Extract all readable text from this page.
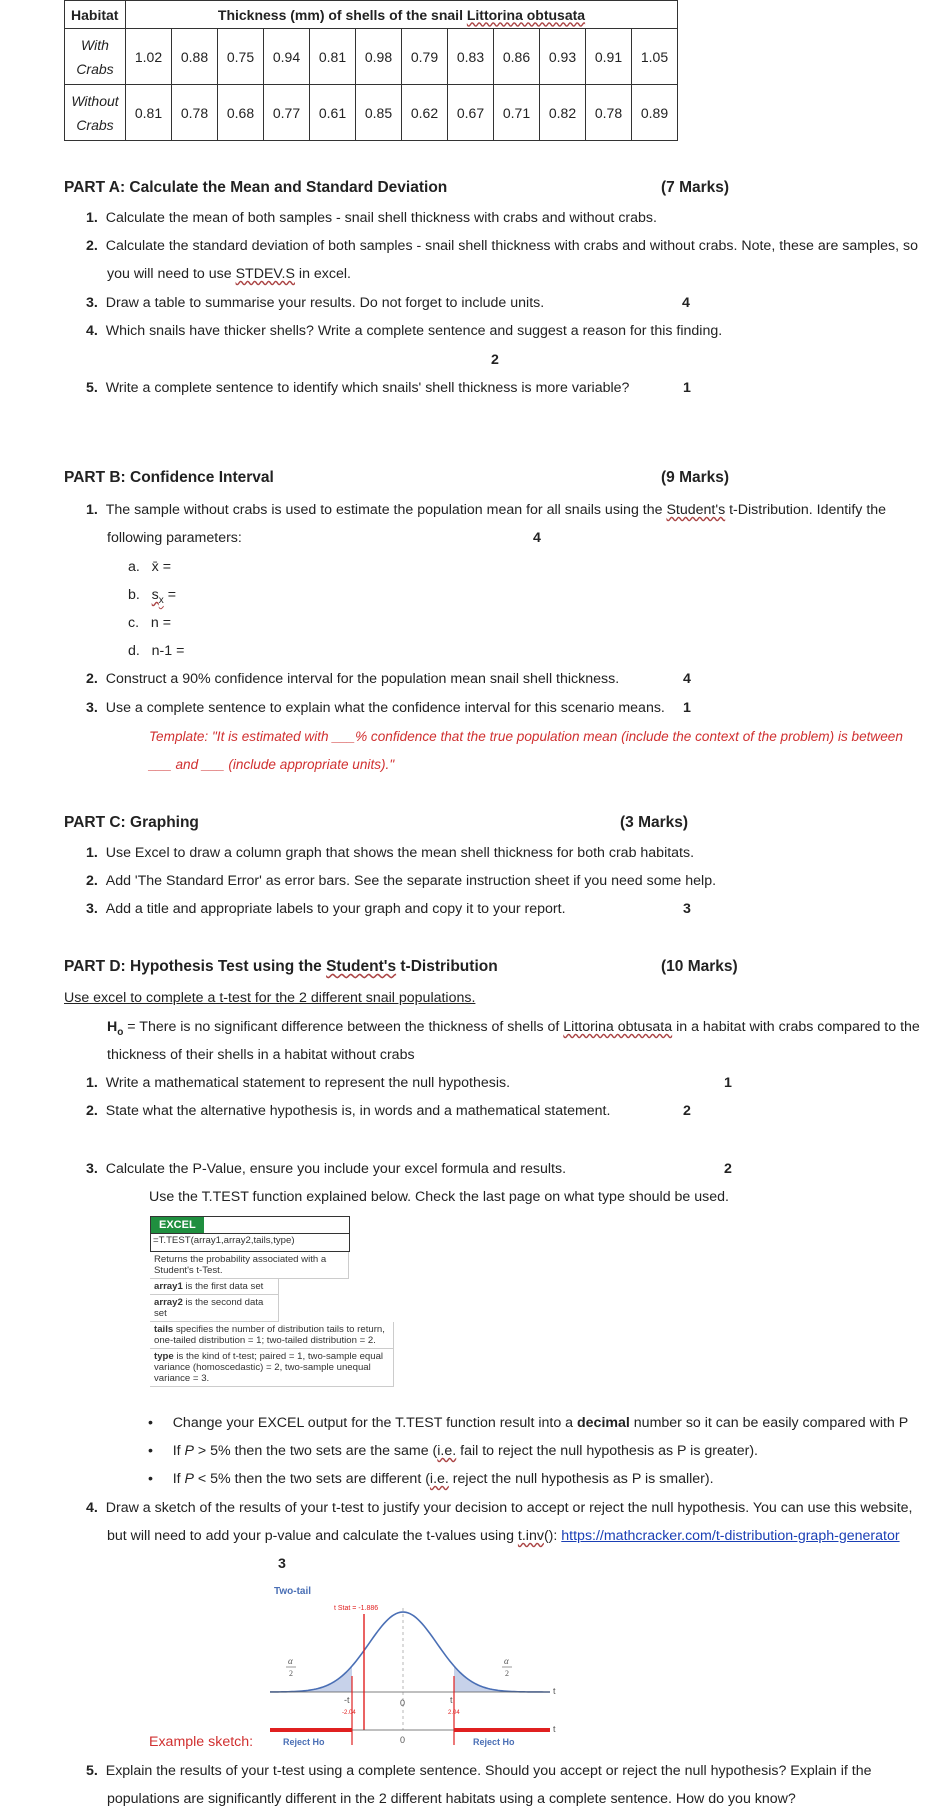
Habitat	Thickness (mm) of shells of the snail Littorina obtusata											
With
Crabs	1.02	0.88	0.75	0.94	0.81	0.98	0.79	0.83	0.86	0.93	0.91	1.05
Without
Crabs	0.81	0.78	0.68	0.77	0.61	0.85	0.62	0.67	0.71	0.82	0.78	0.89
PART A: Calculate the Mean and Standard Deviation	(7 Marks)
1. Calculate the mean of both samples - snail shell thickness with crabs and without crabs.
2. Calculate the standard deviation of both samples - snail shell thickness with crabs and without crabs. Note, these are samples, so
you will need to use STDEV.S in excel.
3. Draw a table to summarise your results. Do not forget to include units.	4
4. Which snails have thicker shells? Write a complete sentence and suggest a reason for this finding.
2
5. Write a complete sentence to identify which snails' shell thickness is more variable?	1
PART B: Confidence Interval	(9 Marks)
1. The sample without crabs is used to estimate the population mean for all snails using the Student's t-Distribution. Identify the
following parameters:	4
a.   x̄ =
b.   $s_x$ =
c.   n =
d.   n-1 =
2. Construct a 90% confidence interval for the population mean snail shell thickness.	4
3. Use a complete sentence to explain what the confidence interval for this scenario means. 1
Template: "It is estimated with ___% confidence that the true population mean (include the context of the problem) is between
___ and ___ (include appropriate units)."
PART C: Graphing	(3 Marks)
1. Use Excel to draw a column graph that shows the mean shell thickness for both crab habitats.
2. Add 'The Standard Error' as error bars. See the separate instruction sheet if you need some help.
3. Add a title and appropriate labels to your graph and copy it to your report.	3
PART D: Hypothesis Test using the Student's t-Distribution	(10 Marks)
Use excel to complete a t-test for the 2 different snail populations.
$H_o$ = There is no significant difference between the thickness of shells of Littorina obtusata in a habitat with crabs compared to the
thickness of their shells in a habitat without crabs
1. Write a mathematical statement to represent the null hypothesis.	1
2. State what the alternative hypothesis is, in words and a mathematical statement.	2
3. Calculate the P-Value, ensure you include your excel formula and results.	2
Use the T.TEST function explained below. Check the last page on what type should be used.
EXCEL
=T.TEST(array1,array2,tails,type)
Returns the probability associated with a Student's t-Test.
array1 is the first data set
array2 is the second data set
tails specifies the number of distribution tails to return, one-tailed distribution = 1; two-tailed distribution = 2.
type is the kind of t-test; paired = 1, two-sample equal variance (homoscedastic) = 2, two-sample unequal variance = 3.
•     Change your EXCEL output for the T.TEST function result into a decimal number so it can be easily compared with P
•     If P > 5% then the two sets are the same (i.e. fail to reject the null hypothesis as P is greater).
•     If P < 5% then the two sets are different (i.e. reject the null hypothesis as P is smaller).
4. Draw a sketch of the results of your t-test to justify your decision to accept or reject the null hypothesis. You can use this website,
but will need to add your p-value and calculate the t-values using t.inv(): https://mathcracker.com/t-distribution-graph-generator
3
Two-tail
t Stat = -1.886
α
2
α
2
-t	t
-2.04	2.04
0
t
0
t
Reject Ho	Reject Ho
Example sketch:
5. Explain the results of your t-test using a complete sentence. Should you accept or reject the null hypothesis? Explain if the
populations are significantly different in the 2 different habitats using a complete sentence. How do you know?
